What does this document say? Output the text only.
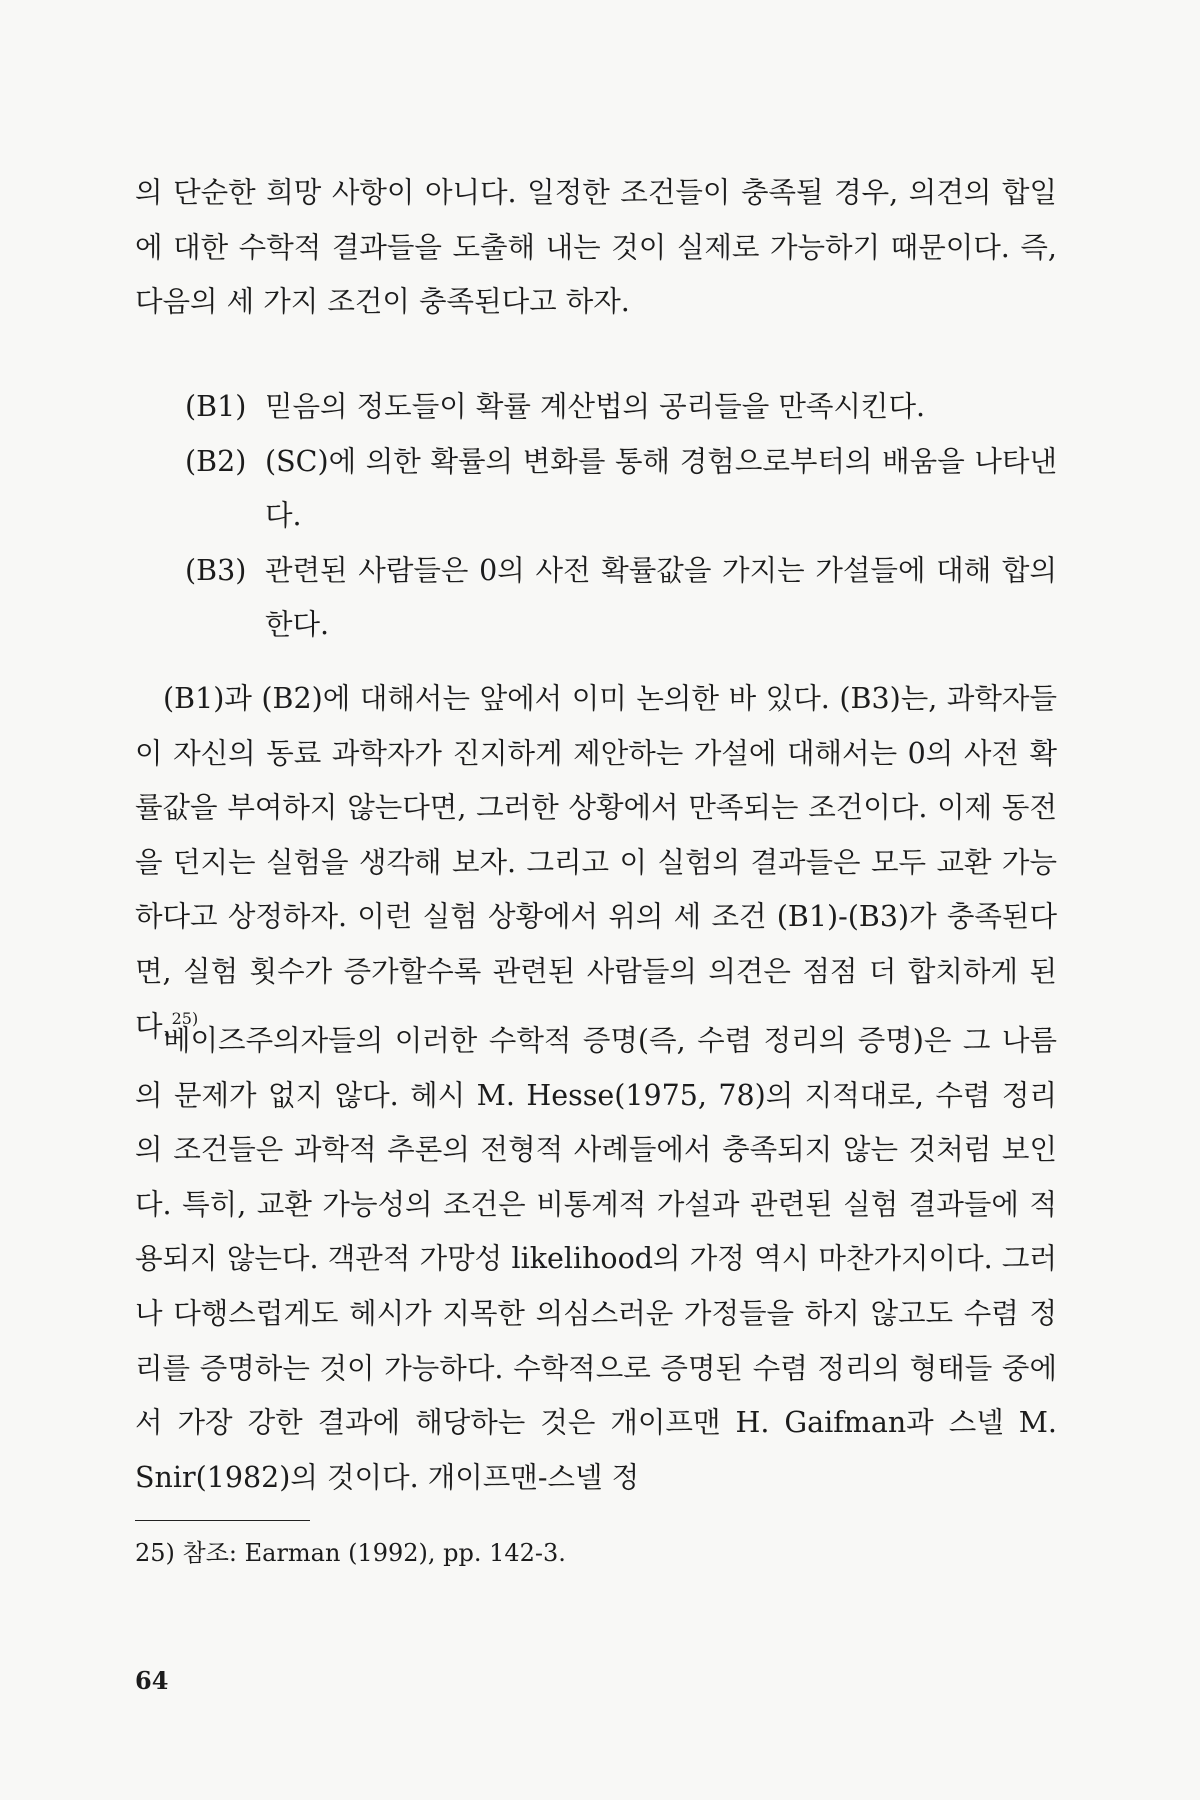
의 단순한 희망 사항이 아니다. 일정한 조건들이 충족될 경우, 의견의 합일에 대한 수학적 결과들을 도출해 내는 것이 실제로 가능하기 때문이다. 즉, 다음의 세 가지 조건이 충족된다고 하자.

(B1) 믿음의 정도들이 확률 계산법의 공리들을 만족시킨다.
(B2) (SC)에 의한 확률의 변화를 통해 경험으로부터의 배움을 나타낸다.
(B3) 관련된 사람들은 0의 사전 확률값을 가지는 가설들에 대해 합의한다.

(B1)과 (B2)에 대해서는 앞에서 이미 논의한 바 있다. (B3)는, 과학자들이 자신의 동료 과학자가 진지하게 제안하는 가설에 대해서는 0의 사전 확률값을 부여하지 않는다면, 그러한 상황에서 만족되는 조건이다. 이제 동전을 던지는 실험을 생각해 보자. 그리고 이 실험의 결과들은 모두 교환 가능하다고 상정하자. 이런 실험 상황에서 위의 세 조건 (B1)-(B3)가 충족된다면, 실험 횟수가 증가할수록 관련된 사람들의 의견은 점점 더 합치하게 된다.$^{25)}$

베이즈주의자들의 이러한 수학적 증명(즉, 수렴 정리의 증명)은 그 나름의 문제가 없지 않다. 헤시 M. Hesse(1975, 78)의 지적대로, 수렴 정리의 조건들은 과학적 추론의 전형적 사례들에서 충족되지 않는 것처럼 보인다. 특히, 교환 가능성의 조건은 비통계적 가설과 관련된 실험 결과들에 적용되지 않는다. 객관적 가망성 likelihood의 가정 역시 마찬가지이다. 그러나 다행스럽게도 헤시가 지목한 의심스러운 가정들을 하지 않고도 수렴 정리를 증명하는 것이 가능하다. 수학적으로 증명된 수렴 정리의 형태들 중에서 가장 강한 결과에 해당하는 것은 개이프맨 H. Gaifman과 스넬 M. Snir(1982)의 것이다. 개이프맨-스넬 정

25) 참조: Earman (1992), pp. 142-3.
64
